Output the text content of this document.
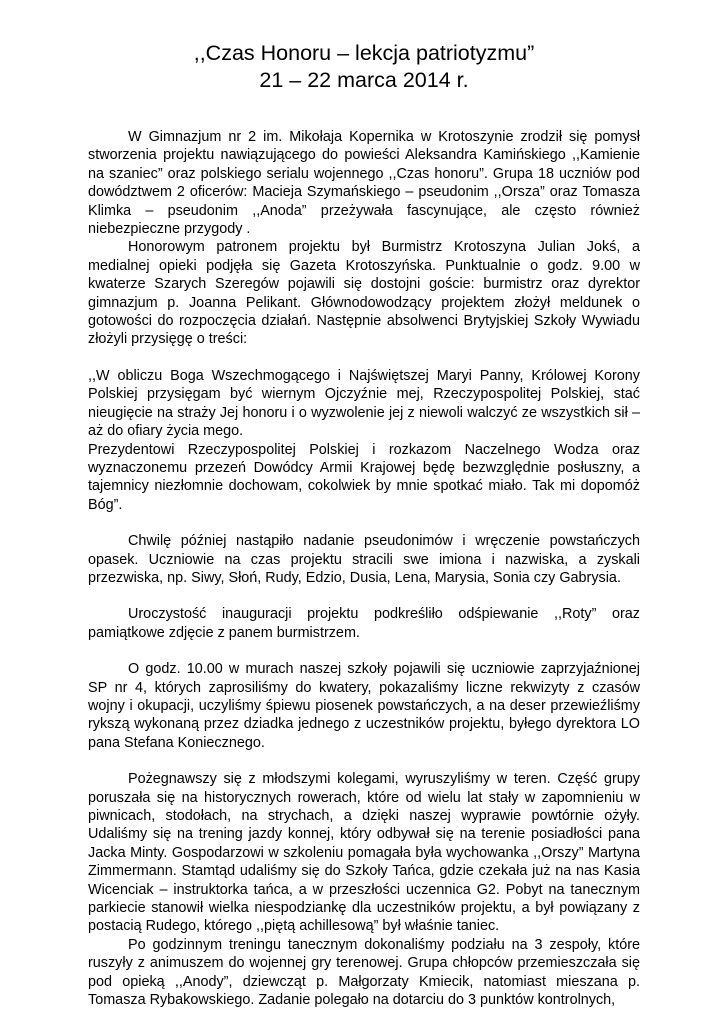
,,Czas Honoru – lekcja patriotyzmu”
21 – 22 marca 2014 r.

W Gimnazjum nr 2 im. Mikołaja Kopernika w Krotoszynie zrodził się pomysł stworzenia projektu nawiązującego do powieści Aleksandra Kamińskiego ,,Kamienie na szaniec” oraz polskiego serialu wojennego ,,Czas honoru”. Grupa 18 uczniów pod dowództwem 2 oficerów: Macieja Szymańskiego – pseudonim ,,Orsza” oraz Tomasza Klimka – pseudonim ,,Anoda” przeżywała fascynujące, ale często również niebezpieczne przygody .

Honorowym patronem projektu był Burmistrz Krotoszyna Julian Jokś, a medialnej opieki podjęła się Gazeta Krotoszyńska. Punktualnie o godz. 9.00 w kwaterze Szarych Szeregów pojawili się dostojni goście: burmistrz oraz dyrektor gimnazjum p. Joanna Pelikant. Głównodowodzący projektem złożył meldunek o gotowości do rozpoczęcia działań. Następnie absolwenci Brytyjskiej Szkoły Wywiadu złożyli przysięgę o treści:

,,W obliczu Boga Wszechmogącego i Najświętszej Maryi Panny, Królowej Korony Polskiej przysięgam być wiernym Ojczyźnie mej, Rzeczypospolitej Polskiej, stać nieugięcie na straży Jej honoru i o wyzwolenie jej z niewoli walczyć ze wszystkich sił – aż do ofiary życia mego.

Prezydentowi Rzeczypospolitej Polskiej i rozkazom Naczelnego Wodza oraz wyznaczonemu przezeń Dowódcy Armii Krajowej będę bezwzględnie posłuszny, a tajemnicy niezłomnie dochowam, cokolwiek by mnie spotkać miało. Tak mi dopomóż Bóg”.

Chwilę później nastąpiło nadanie pseudonimów i wręczenie powstańczych opasek. Uczniowie na czas projektu stracili swe imiona i nazwiska, a zyskali przezwiska, np. Siwy, Słoń, Rudy, Edzio, Dusia, Lena, Marysia, Sonia czy Gabrysia.

Uroczystość inauguracji projektu podkreśliło odśpiewanie ,,Roty” oraz pamiątkowe zdjęcie z panem burmistrzem.

O godz. 10.00 w murach naszej szkoły pojawili się uczniowie zaprzyjaźnionej SP nr 4, których zaprosiliśmy do kwatery, pokazaliśmy liczne rekwizyty z czasów wojny i okupacji, uczyliśmy śpiewu piosenek powstańczych, a na deser przewieźliśmy rykszą wykonaną przez dziadka jednego z uczestników projektu, byłego dyrektora LO pana Stefana Koniecznego.

Pożegnawszy się z młodszymi kolegami, wyruszyliśmy w teren. Część grupy poruszała się na historycznych rowerach, które od wielu lat stały w zapomnieniu w piwnicach, stodołach, na strychach, a dzięki naszej wyprawie powtórnie ożyły. Udaliśmy się na trening jazdy konnej, który odbywał się na terenie posiadłości pana Jacka Minty. Gospodarzowi w szkoleniu pomagała była wychowanka ,,Orszy” Martyna Zimmermann. Stamtąd udaliśmy się do Szkoły Tańca, gdzie czekała już na nas Kasia Wicenciak – instruktorka tańca, a w przeszłości uczennica G2. Pobyt na tanecznym parkiecie stanowił wielka niespodziankę dla uczestników projektu, a był powiązany z postacią Rudego, którego ,,piętą achillesową” był właśnie taniec.

Po godzinnym treningu tanecznym dokonaliśmy podziału na 3 zespoły, które ruszyły z animuszem do wojennej gry terenowej. Grupa chłopców przemieszczała się pod opieką ,,Anody”, dziewcząt p. Małgorzaty Kmiecik, natomiast mieszana p. Tomasza Rybakowskiego. Zadanie polegało na dotarciu do 3 punktów kontrolnych,
